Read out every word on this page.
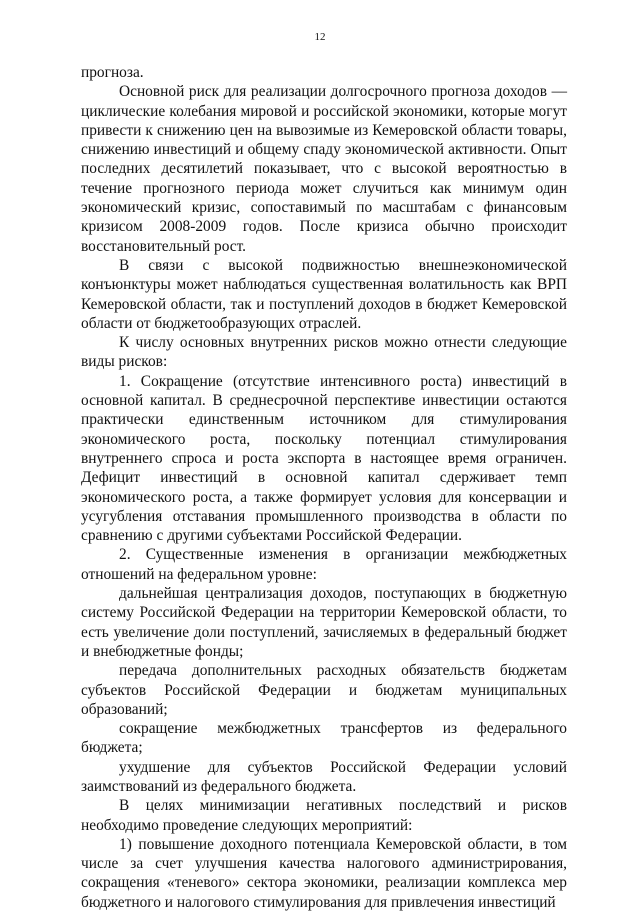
12

прогноза.

Основной риск для реализации долгосрочного прогноза доходов — циклические колебания мировой и российской экономики, которые могут привести к снижению цен на вывозимые из Кемеровской области товары, снижению инвестиций и общему спаду экономической активности. Опыт последних десятилетий показывает, что с высокой вероятностью в течение прогнозного периода может случиться как минимум один экономический кризис, сопоставимый по масштабам с финансовым кризисом 2008-2009 годов. После кризиса обычно происходит восстановительный рост.

В связи с высокой подвижностью внешнеэкономической конъюнктуры может наблюдаться существенная волатильность как ВРП Кемеровской области, так и поступлений доходов в бюджет Кемеровской области от бюджетообразующих отраслей.

К числу основных внутренних рисков можно отнести следующие виды рисков:

1. Сокращение (отсутствие интенсивного роста) инвестиций в основной капитал. В среднесрочной перспективе инвестиции остаются практически единственным источником для стимулирования экономического роста, поскольку потенциал стимулирования внутреннего спроса и роста экспорта в настоящее время ограничен. Дефицит инвестиций в основной капитал сдерживает темп экономического роста, а также формирует условия для консервации и усугубления отставания промышленного производства в области по сравнению с другими субъектами Российской Федерации.

2. Существенные изменения в организации межбюджетных отношений на федеральном уровне:

дальнейшая централизация доходов, поступающих в бюджетную систему Российской Федерации на территории Кемеровской области, то есть увеличение доли поступлений, зачисляемых в федеральный бюджет и внебюджетные фонды;

передача дополнительных расходных обязательств бюджетам субъектов Российской Федерации и бюджетам муниципальных образований;

сокращение межбюджетных трансфертов из федерального бюджета;

ухудшение для субъектов Российской Федерации условий заимствований из федерального бюджета.

В целях минимизации негативных последствий и рисков необходимо проведение следующих мероприятий:

1) повышение доходного потенциала Кемеровской области, в том числе за счет улучшения качества налогового администрирования, сокращения «теневого» сектора экономики, реализации комплекса мер бюджетного и налогового стимулирования для привлечения инвестиций
